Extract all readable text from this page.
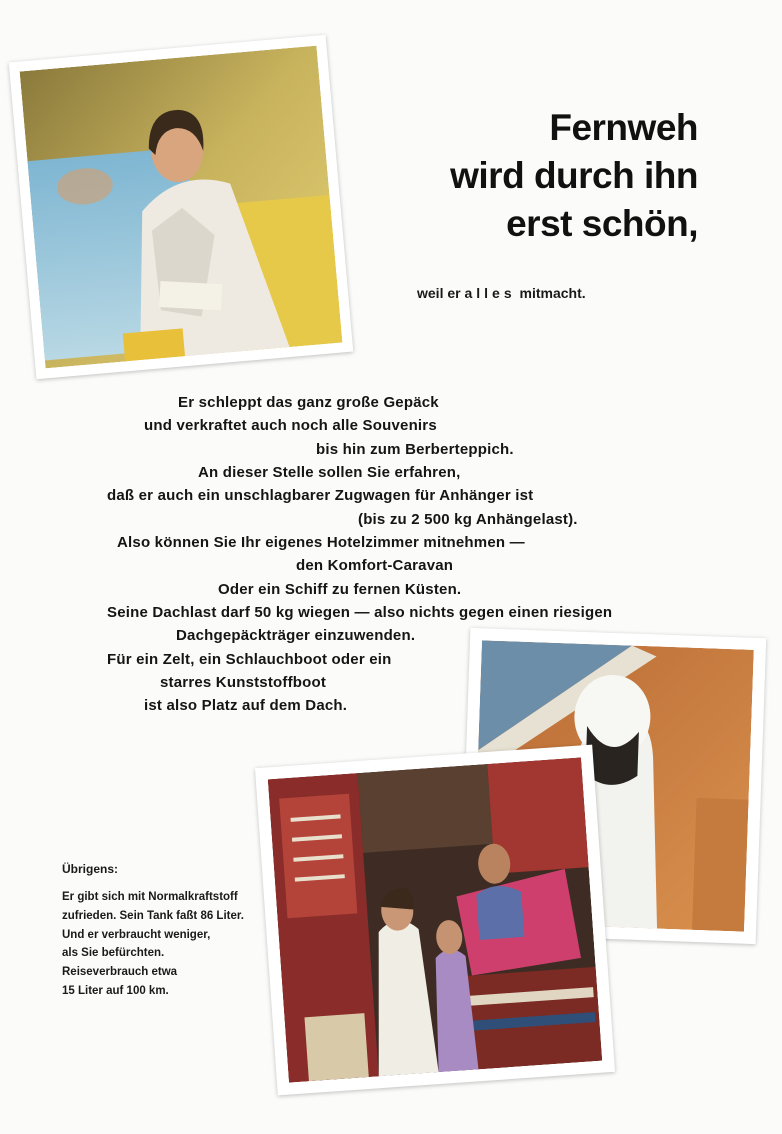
Fernweh
wird durch ihn
erst schön,
weil er alles mitmacht.
Er schleppt das ganz große Gepäck
und verkraftet auch noch alle Souvenirs
bis hin zum Berberteppich.
An dieser Stelle sollen Sie erfahren,
daß er auch ein unschlagbarer Zugwagen für Anhänger ist
(bis zu 2 500 kg Anhängelast).
Also können Sie Ihr eigenes Hotelzimmer mitnehmen —
den Komfort-Caravan
Oder ein Schiff zu fernen Küsten.
Seine Dachlast darf 50 kg wiegen — also nichts gegen einen riesigen
Dachgepäckträger einzuwenden.
Für ein Zelt, ein Schlauchboot oder ein
starres Kunststoffboot
ist also Platz auf dem Dach.
Übrigens:
Er gibt sich mit Normalkraftstoff
zufrieden. Sein Tank faßt 86 Liter.
Und er verbraucht weniger,
als Sie befürchten.
Reiseverbrauch etwa
15 Liter auf 100 km.
